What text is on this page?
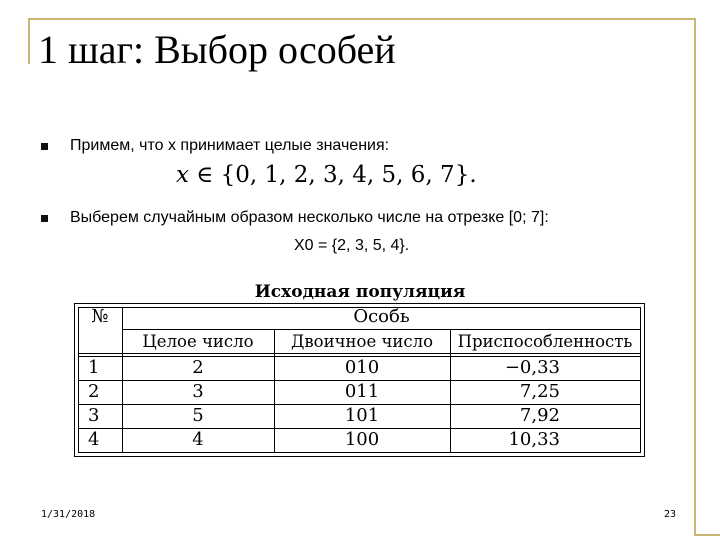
1 шаг: Выбор особей
Примем, что x принимает целые значения:
x ∈ {0, 1, 2, 3, 4, 5, 6, 7}.
Выберем случайным образом несколько числе на отрезке [0; 7]:
X0 = {2, 3, 5, 4}.
Исходная популяция
№	Особь
Целое число	Двоичное число	Приспособленность
1	2	010	−0,33
2	3	011	7,25
3	5	101	7,92
4	4	100	10,33
1/31/2018	23
